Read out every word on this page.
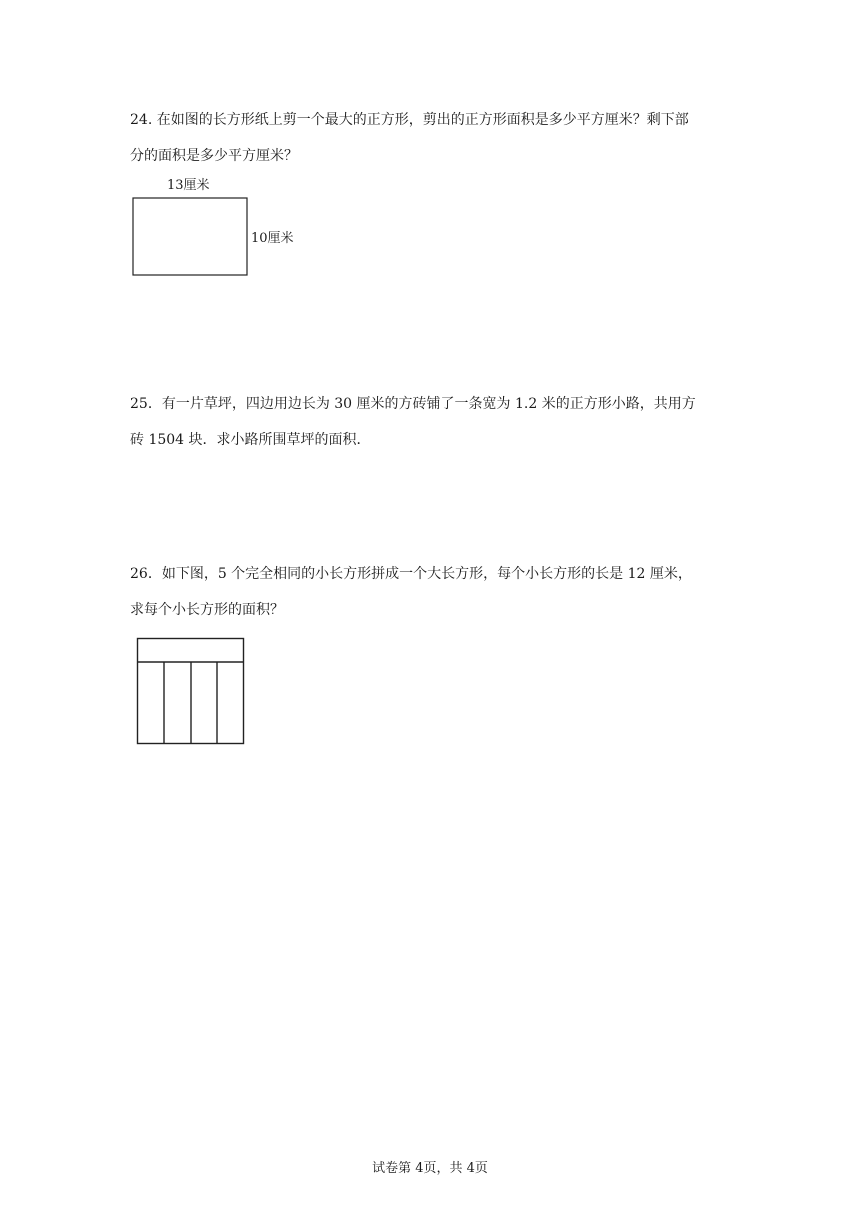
24. 在如图的长方形纸上剪一个最大的正方形，剪出的正方形面积是多少平方厘米？剩下部
分的面积是多少平方厘米？
13厘米
10厘米
25．有一片草坪，四边用边长为 30 厘米的方砖铺了一条宽为 1.2 米的正方形小路，共用方
砖 1504 块．求小路所围草坪的面积．
26．如下图，5 个完全相同的小长方形拼成一个大长方形，每个小长方形的长是 12 厘米，
求每个小长方形的面积？
试卷第 4页，共 4页
